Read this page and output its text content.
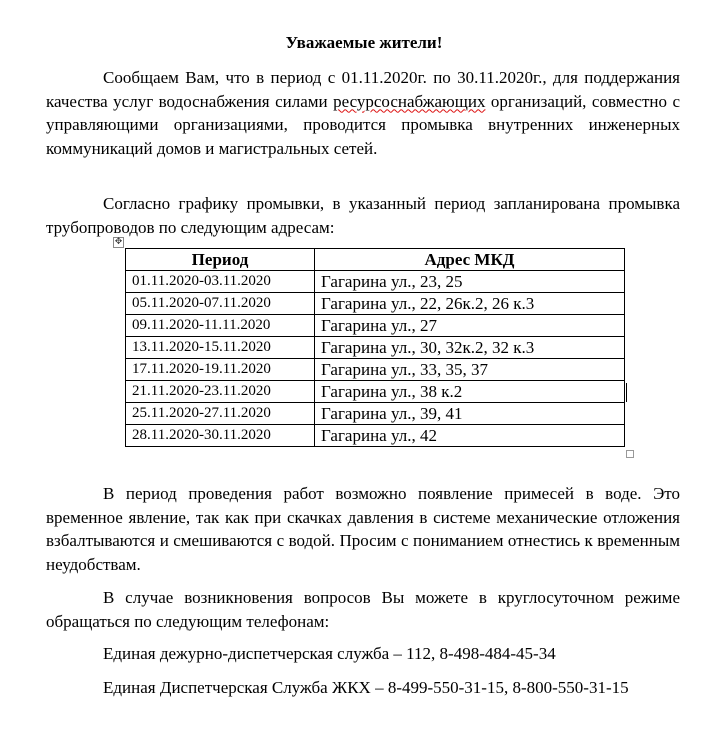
Уважаемые жители!

Сообщаем Вам, что в период с 01.11.2020г. по 30.11.2020г., для поддержания качества услуг водоснабжения силами ресурсоснабжающих организаций, совместно с управляющими организациями, проводится промывка внутренних инженерных коммуникаций домов и магистральных сетей.

Согласно графику промывки, в указанный период запланирована промывка трубопроводов по следующим адресам:

✥
Период	Адрес МКД
01.11.2020-03.11.2020	Гагарина ул., 23, 25
05.11.2020-07.11.2020	Гагарина ул., 22, 26к.2, 26 к.3
09.11.2020-11.11.2020	Гагарина ул., 27
13.11.2020-15.11.2020	Гагарина ул., 30, 32к.2, 32 к.3
17.11.2020-19.11.2020	Гагарина ул., 33, 35, 37
21.11.2020-23.11.2020	Гагарина ул., 38 к.2
25.11.2020-27.11.2020	Гагарина ул., 39, 41
28.11.2020-30.11.2020	Гагарина ул., 42

В период проведения работ возможно появление примесей в воде. Это временное явление, так как при скачках давления в системе механические отложения взбалтываются и смешиваются с водой. Просим с пониманием отнестись к временным неудобствам.

В случае возникновения вопросов Вы можете в круглосуточном режиме обращаться по следующим телефонам:

Единая дежурно-диспетчерская служба – 112, 8-498-484-45-34
Единая Диспетчерская Служба ЖКХ – 8-499-550-31-15, 8-800-550-31-15
